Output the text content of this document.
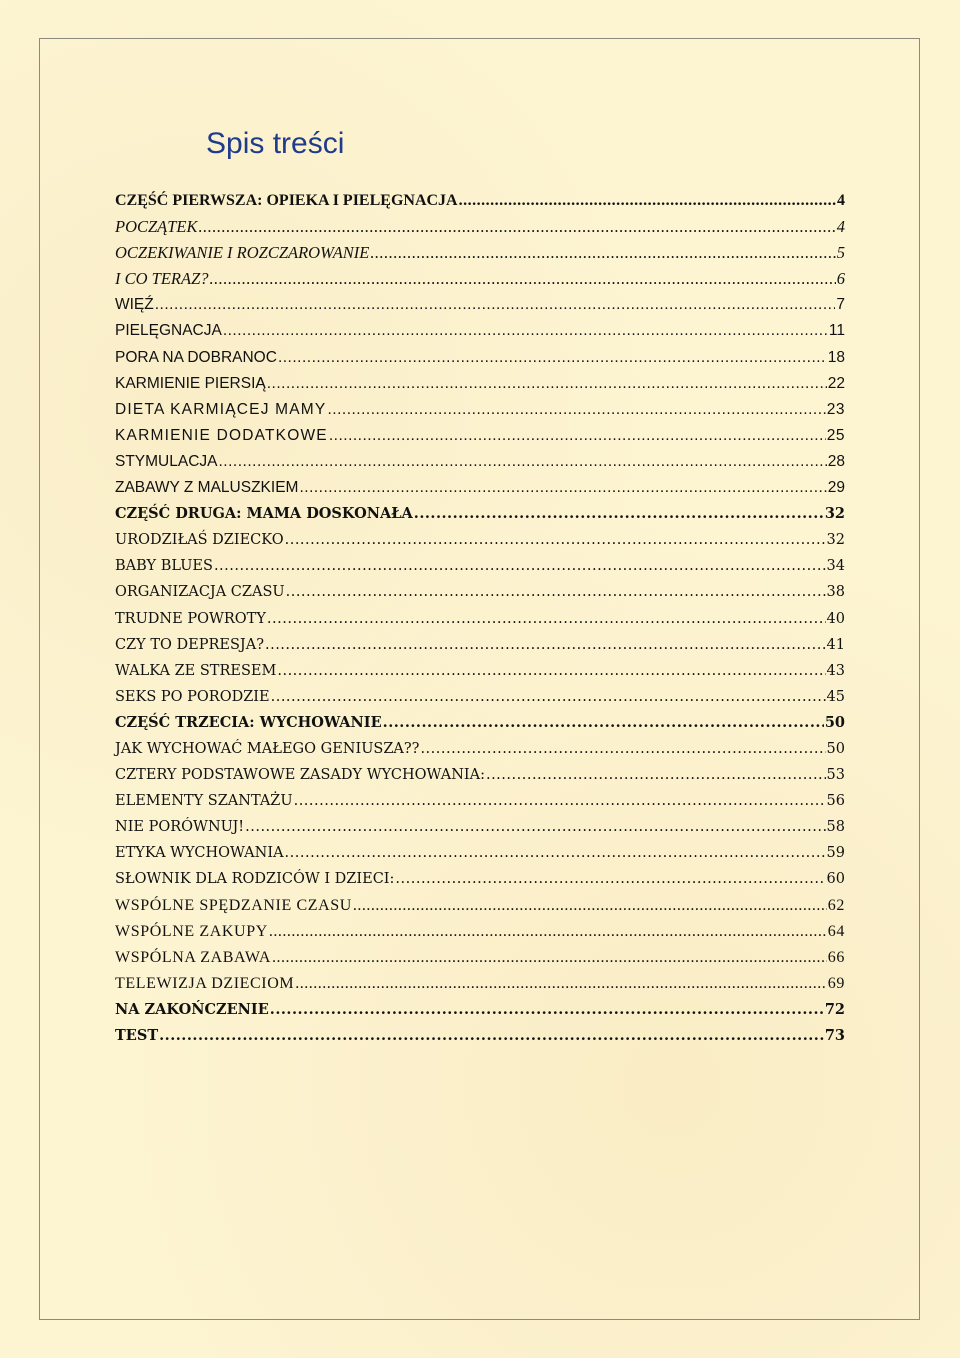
Spis treści
CZĘŚĆ PIERWSZA: OPIEKA I PIELĘGNACJA .....	4
POCZĄTEK .....	4
OCZEKIWANIE I ROZCZAROWANIE .....	5
I CO TERAZ? .....	6
WIĘŹ .....	7
PIELĘGNACJA .....	11
PORA NA DOBRANOC .....	18
KARMIENIE PIERSIĄ .....	22
DIETA KARMIĄCEJ MAMY .....	23
KARMIENIE DODATKOWE .....	25
STYMULACJA .....	28
ZABAWY Z MALUSZKIEM .....	29
CZĘŚĆ DRUGA: MAMA DOSKONAŁA .....	32
URODZIŁAŚ DZIECKO .....	32
BABY BLUES .....	34
ORGANIZACJA CZASU .....	38
TRUDNE POWROTY .....	40
CZY TO DEPRESJA? .....	41
WALKA ZE STRESEM .....	43
SEKS PO PORODZIE .....	45
CZĘŚĆ TRZECIA: WYCHOWANIE .....	50
JAK WYCHOWAĆ MAŁEGO GENIUSZA?? .....	50
CZTERY PODSTAWOWE ZASADY WYCHOWANIA: .....	53
ELEMENTY SZANTAŻU .....	56
NIE PORÓWNUJ! .....	58
ETYKA WYCHOWANIA .....	59
SŁOWNIK DLA RODZICÓW I DZIECI: .....	60
WSPÓLNE SPĘDZANIE CZASU .....	62
WSPÓLNE ZAKUPY .....	64
WSPÓLNA ZABAWA .....	66
TELEWIZJA DZIECIOM .....	69
NA ZAKOŃCZENIE .....	72
TEST .....	73
